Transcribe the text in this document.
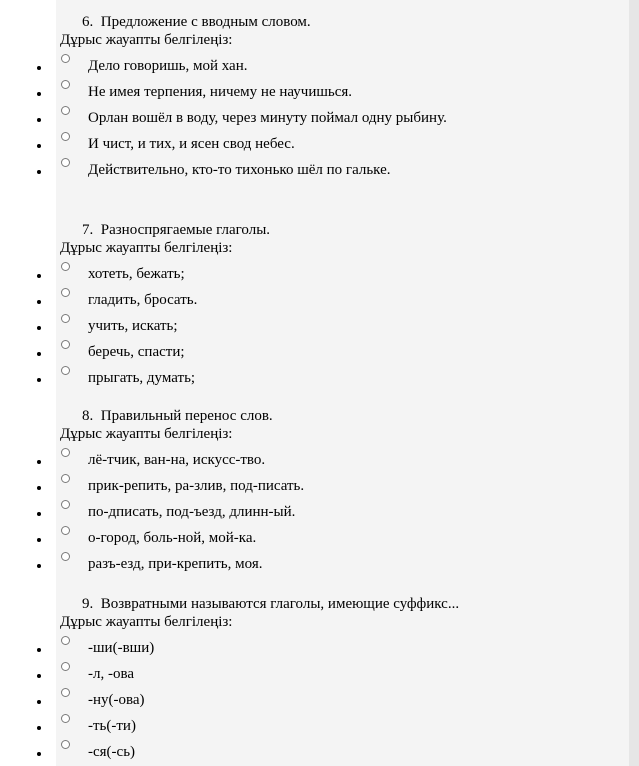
6. Предложение с вводным словом.
Дұрыс жауапты белгілеңіз:
Дело говоришь, мой хан.
Не имея терпения, ничему не научишься.
Орлан вошёл в воду, через минуту поймал одну рыбину.
И чист, и тих, и ясен свод небес.
Действительно, кто-то тихонько шёл по гальке.
7. Разноспрягаемые глаголы.
Дұрыс жауапты белгілеңіз:
хотеть, бежать;
гладить, бросать.
учить, искать;
беречь, спасти;
прыгать, думать;
8. Правильный перенос слов.
Дұрыс жауапты белгілеңіз:
лё-тчик, ван-на, искусс-тво.
прик-репить, ра-злив, под-писать.
по-дписать, под-ъезд, длинн-ый.
о-город, боль-ной, мой-ка.
разъ-езд, при-крепить, моя.
9. Возвратными называются глаголы, имеющие суффикс...
Дұрыс жауапты белгілеңіз:
-ши(-вши)
-л, -ова
-ну(-ова)
-ть(-ти)
-ся(-сь)
